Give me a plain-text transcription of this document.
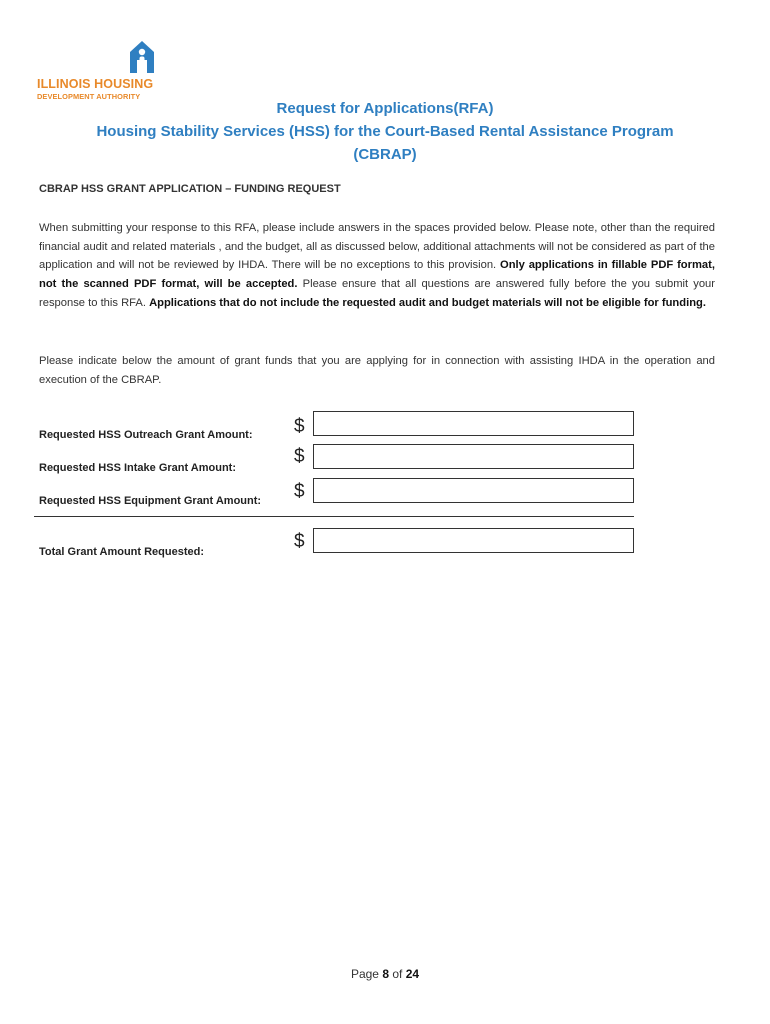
ILLINOIS HOUSING
DEVELOPMENT AUTHORITY
Request for Applications(RFA)
Housing Stability Services (HSS) for the Court-Based Rental Assistance Program
(CBRAP)
CBRAP HSS GRANT APPLICATION – FUNDING REQUEST

When submitting your response to this RFA, please include answers in the spaces provided below. Please note, other than the required financial audit and related materials , and the budget, all as discussed below, additional attachments will not be considered as part of the application and will not be reviewed by IHDA. There will be no exceptions to this provision. Only applications in fillable PDF format, not the scanned PDF format, will be accepted. Please ensure that all questions are answered fully before the you submit your response to this RFA. Applications that do not include the requested audit and budget materials will not be eligible for funding.

Please indicate below the amount of grant funds that you are applying for in connection with assisting IHDA in the operation and execution of the CBRAP.

Requested HSS Outreach Grant Amount: $
Requested HSS Intake Grant Amount:
$
Requested HSS Equipment Grant Amount: $
Total Grant Amount Requested:	$
Page 8 of 24
